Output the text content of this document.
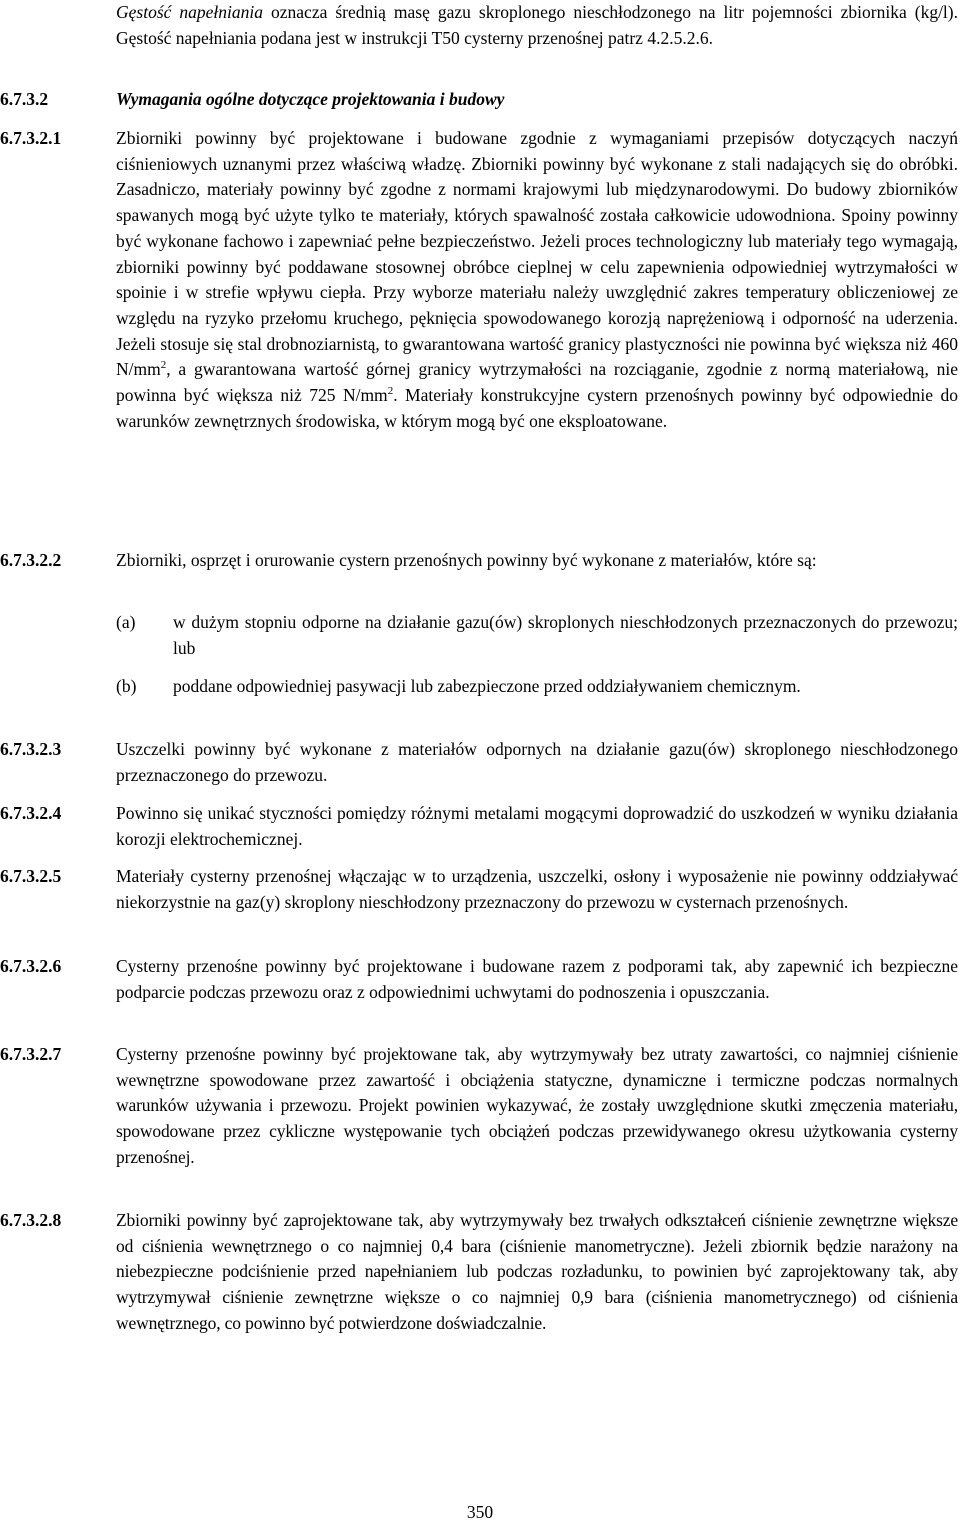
Gęstość napełniania oznacza średnią masę gazu skroplonego nieschłodzonego na litr pojemności zbiornika (kg/l). Gęstość napełniania podana jest w instrukcji T50 cysterny przenośnej patrz 4.2.5.2.6.
6.7.3.2	Wymagania ogólne dotyczące projektowania i budowy
6.7.3.2.1	Zbiorniki powinny być projektowane i budowane zgodnie z wymaganiami przepisów dotyczących naczyń ciśnieniowych uznanymi przez właściwą władzę. Zbiorniki powinny być wykonane z stali nadających się do obróbki. Zasadniczo, materiały powinny być zgodne z normami krajowymi lub międzynarodowymi. Do budowy zbiorników spawanych mogą być użyte tylko te materiały, których spawalność została całkowicie udowodniona. Spoiny powinny być wykonane fachowo i zapewniać pełne bezpieczeństwo. Jeżeli proces technologiczny lub materiały tego wymagają, zbiorniki powinny być poddawane stosownej obróbce cieplnej w celu zapewnienia odpowiedniej wytrzymałości w spoinie i w strefie wpływu ciepła. Przy wyborze materiału należy uwzględnić zakres temperatury obliczeniowej ze względu na ryzyko przełomu kruchego, pęknięcia spowodowanego korozją naprężeniową i odporność na uderzenia. Jeżeli stosuje się stal drobnoziarnistą, to gwarantowana wartość granicy plastyczności nie powinna być większa niż 460 $N/mm^2$, a gwarantowana wartość górnej granicy wytrzymałości na rozciąganie, zgodnie z normą materiałową, nie powinna być większa niż 725 $N/mm^2$. Materiały konstrukcyjne cystern przenośnych powinny być odpowiednie do warunków zewnętrznych środowiska, w którym mogą być one eksploatowane.
6.7.3.2.2	Zbiorniki, osprzęt i orurowanie cystern przenośnych powinny być wykonane z materiałów, które są:
(a) w dużym stopniu odporne na działanie gazu(ów) skroplonych nieschłodzonych przeznaczonych do przewozu; lub
(b) poddane odpowiedniej pasywacji lub zabezpieczone przed oddziaływaniem chemicznym.
6.7.3.2.3	Uszczelki powinny być wykonane z materiałów odpornych na działanie gazu(ów) skroplonego nieschłodzonego przeznaczonego do przewozu.
6.7.3.2.4	Powinno się unikać styczności pomiędzy różnymi metalami mogącymi doprowadzić do uszkodzeń w wyniku działania korozji elektrochemicznej.
6.7.3.2.5	Materiały cysterny przenośnej włączając w to urządzenia, uszczelki, osłony i wyposażenie nie powinny oddziaływać niekorzystnie na gaz(y) skroplony nieschłodzony przeznaczony do przewozu w cysternach przenośnych.
6.7.3.2.6	Cysterny przenośne powinny być projektowane i budowane razem z podporami tak, aby zapewnić ich bezpieczne podparcie podczas przewozu oraz z odpowiednimi uchwytami do podnoszenia i opuszczania.
6.7.3.2.7	Cysterny przenośne powinny być projektowane tak, aby wytrzymywały bez utraty zawartości, co najmniej ciśnienie wewnętrzne spowodowane przez zawartość i obciążenia statyczne, dynamiczne i termiczne podczas normalnych warunków używania i przewozu. Projekt powinien wykazywać, że zostały uwzględnione skutki zmęczenia materiału, spowodowane przez cykliczne występowanie tych obciążeń podczas przewidywanego okresu użytkowania cysterny przenośnej.
6.7.3.2.8	Zbiorniki powinny być zaprojektowane tak, aby wytrzymywały bez trwałych odkształceń ciśnienie zewnętrzne większe od ciśnienia wewnętrznego o co najmniej 0,4 bara (ciśnienie manometryczne). Jeżeli zbiornik będzie narażony na niebezpieczne podciśnienie przed napełnianiem lub podczas rozładunku, to powinien być zaprojektowany tak, aby wytrzymywał ciśnienie zewnętrzne większe o co najmniej 0,9 bara (ciśnienia manometrycznego) od ciśnienia wewnętrznego, co powinno być potwierdzone doświadczalnie.
350
